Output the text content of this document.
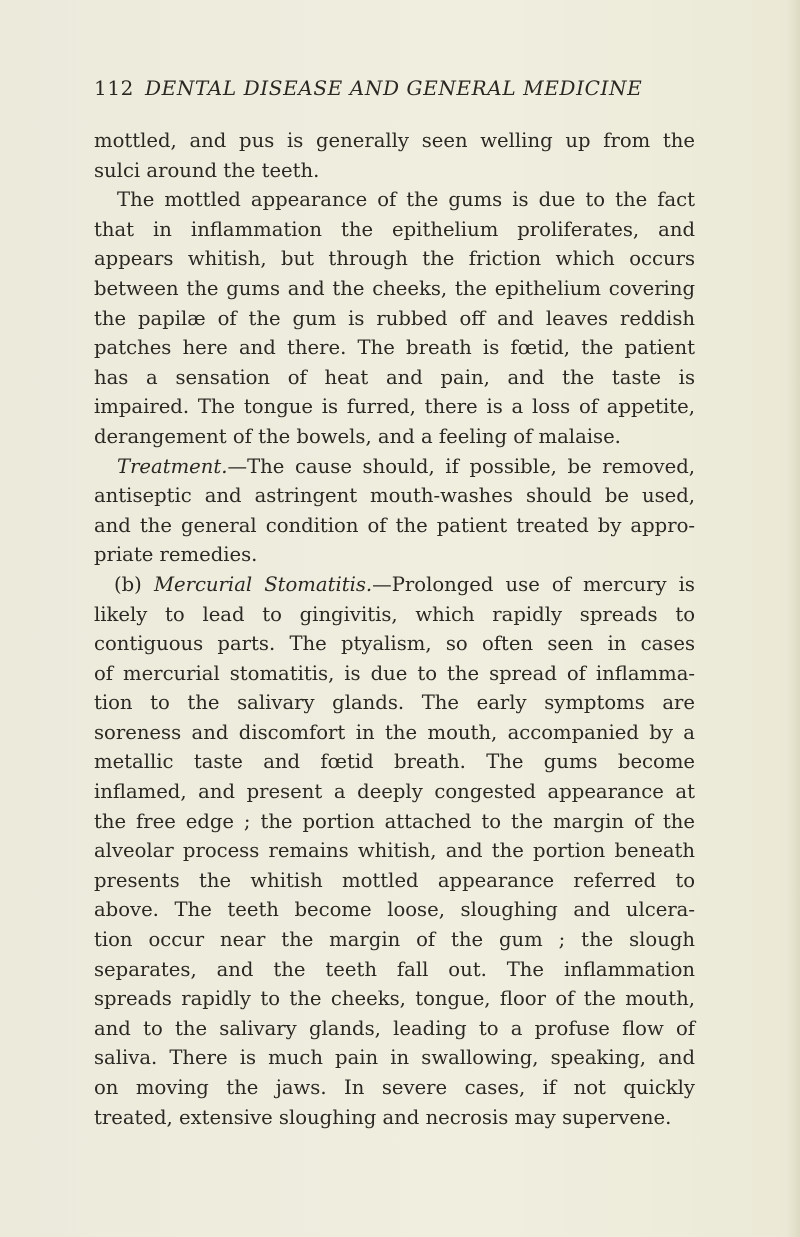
112 DENTAL DISEASE AND GENERAL MEDICINE
mottled, and pus is generally seen welling up from the
sulci around the teeth.
The mottled appearance of the gums is due to the fact
that in inflammation the epithelium proliferates, and
appears whitish, but through the friction which occurs
between the gums and the cheeks, the epithelium covering
the papilæ of the gum is rubbed off and leaves reddish
patches here and there. The breath is fœtid, the patient
has a sensation of heat and pain, and the taste is
impaired. The tongue is furred, there is a loss of appetite,
derangement of the bowels, and a feeling of malaise.
Treatment.—The cause should, if possible, be removed,
antiseptic and astringent mouth-washes should be used,
and the general condition of the patient treated by appro-
priate remedies.
(b) Mercurial Stomatitis.—Prolonged use of mercury is
likely to lead to gingivitis, which rapidly spreads to
contiguous parts. The ptyalism, so often seen in cases
of mercurial stomatitis, is due to the spread of inflamma-
tion to the salivary glands. The early symptoms are
soreness and discomfort in the mouth, accompanied by a
metallic taste and fœtid breath. The gums become
inflamed, and present a deeply congested appearance at
the free edge ; the portion attached to the margin of the
alveolar process remains whitish, and the portion beneath
presents the whitish mottled appearance referred to
above. The teeth become loose, sloughing and ulcera-
tion occur near the margin of the gum ; the slough
separates, and the teeth fall out. The inflammation
spreads rapidly to the cheeks, tongue, floor of the mouth,
and to the salivary glands, leading to a profuse flow of
saliva. There is much pain in swallowing, speaking, and
on moving the jaws. In severe cases, if not quickly
treated, extensive sloughing and necrosis may supervene.
